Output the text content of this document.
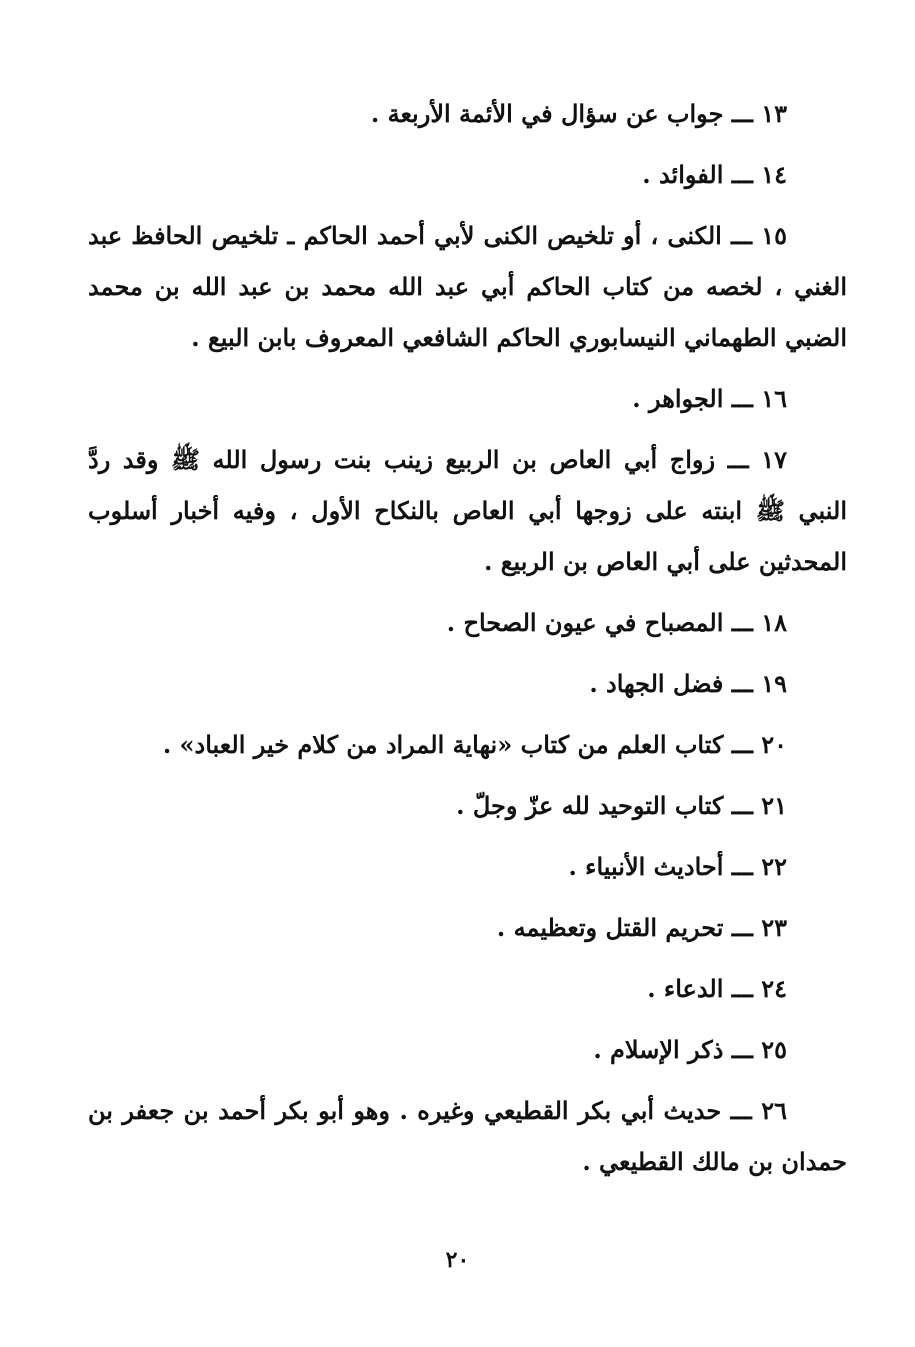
١٣ ـــ جواب عن سؤال في الأئمة الأربعة .

١٤ ـــ الفوائد .

١٥ ـــ الكنى ، أو تلخيص الكنى لأبي أحمد الحاكم ـ تلخيص الحافظ عبد الغني ، لخصه من كتاب الحاكم أبي عبد الله محمد بن عبد الله بن محمد الضبي الطهماني النيسابوري الحاكم الشافعي المعروف بابن البيع .

١٦ ـــ الجواهر .

١٧ ـــ زواج أبي العاص بن الربيع زينب بنت رسول الله ﷺ وقد ردَّ النبي ﷺ ابنته على زوجها أبي العاص بالنكاح الأول ، وفيه أخبار أسلوب المحدثين على أبي العاص بن الربيع .

١٨ ـــ المصباح في عيون الصحاح .

١٩ ـــ فضل الجهاد .

٢٠ ـــ كتاب العلم من كتاب «نهاية المراد من كلام خير العباد» .

٢١ ـــ كتاب التوحيد لله عزّ وجلّ .

٢٢ ـــ أحاديث الأنبياء .

٢٣ ـــ تحريم القتل وتعظيمه .

٢٤ ـــ الدعاء .

٢٥ ـــ ذكر الإسلام .

٢٦ ـــ حديث أبي بكر القطيعي وغيره . وهو أبو بكر أحمد بن جعفر بن حمدان بن مالك القطيعي .

٢٠
